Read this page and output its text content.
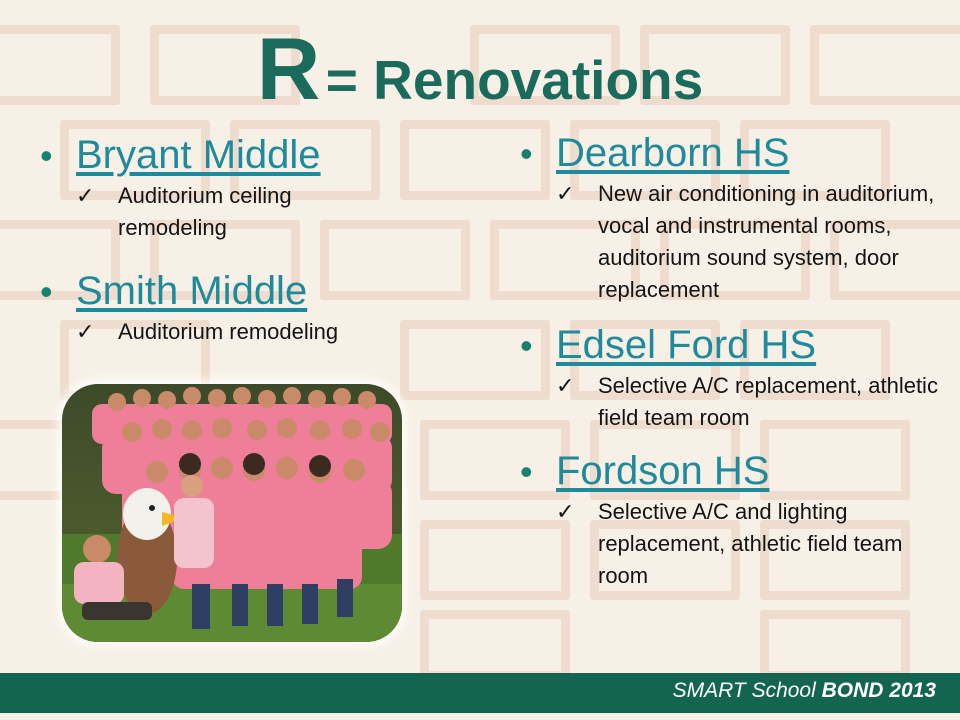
R = Renovations
• Bryant Middle
✓ Auditorium ceiling remodeling
• Smith Middle
✓ Auditorium remodeling
• Dearborn HS
✓ New air conditioning in auditorium, vocal and instrumental rooms, auditorium sound system, door replacement
• Edsel Ford HS
✓ Selective A/C replacement, athletic field team room
• Fordson HS
✓ Selective A/C and lighting replacement, athletic field team room
SMART School BOND 2013
